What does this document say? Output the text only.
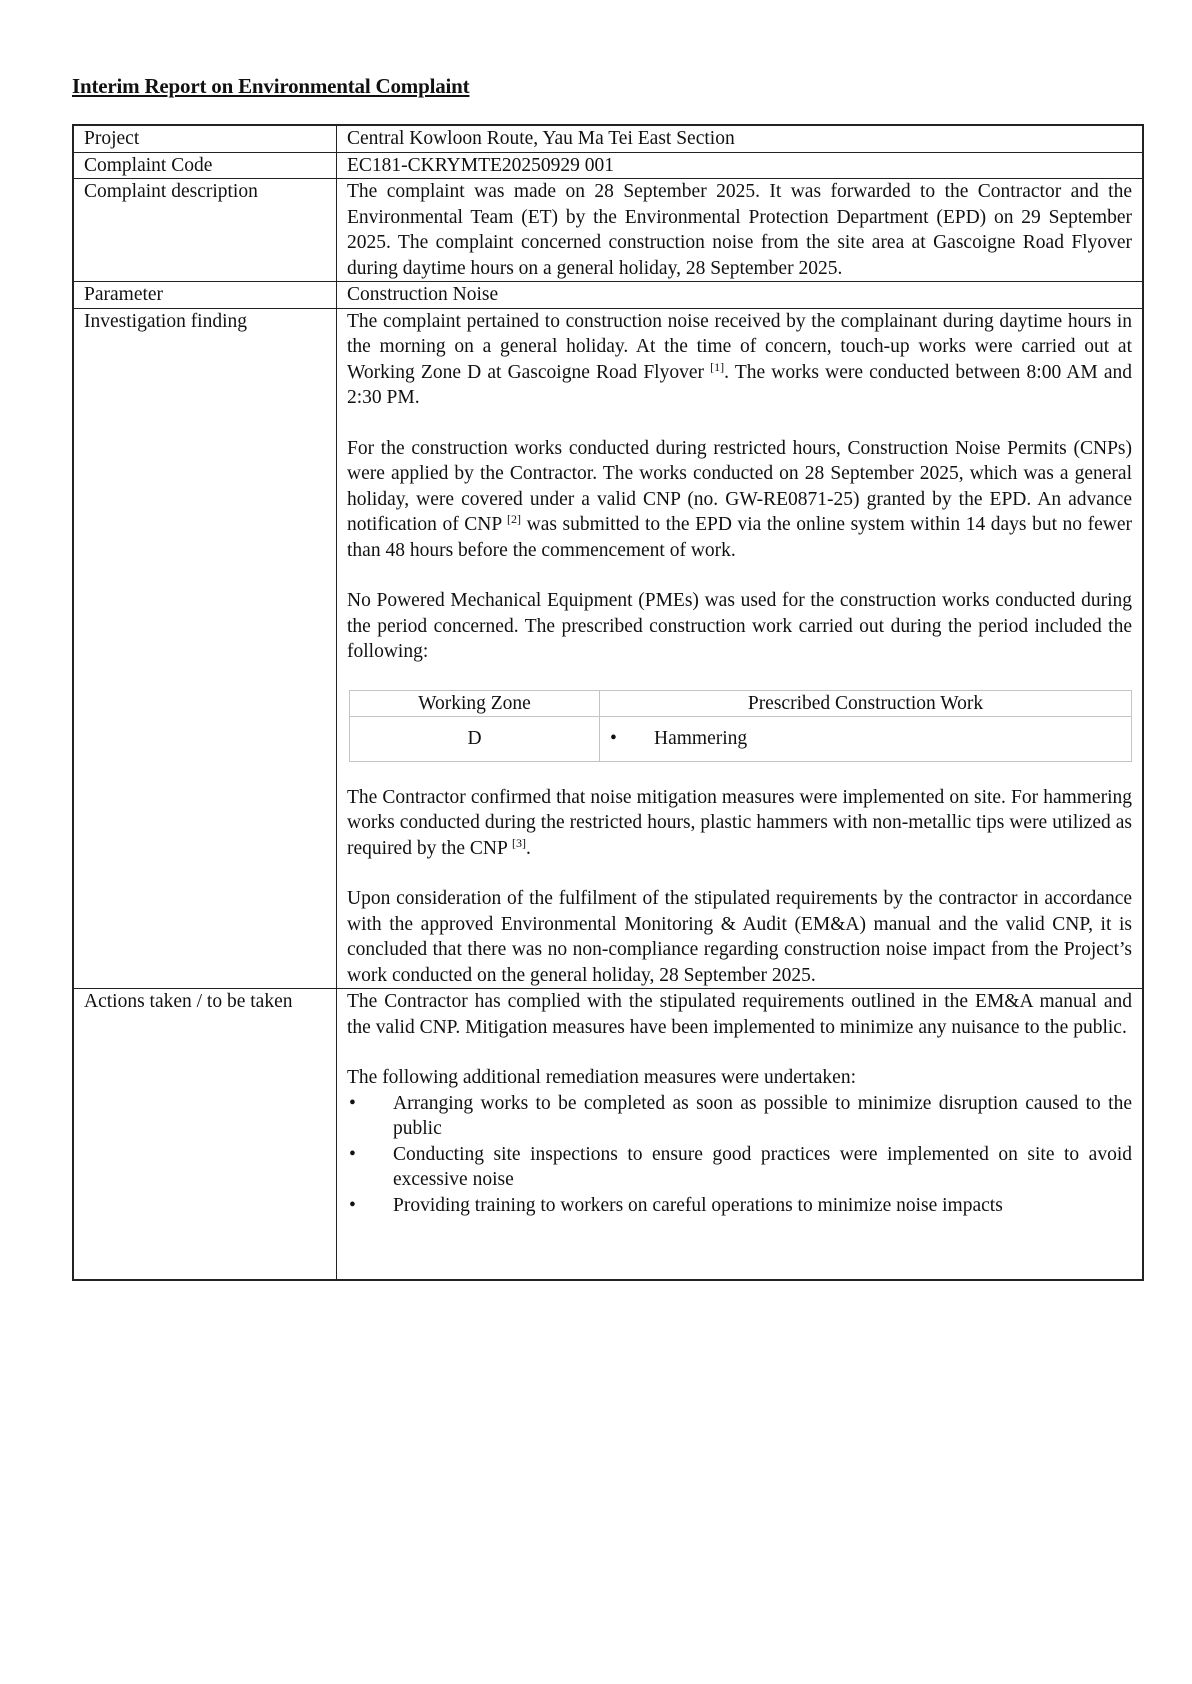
Interim Report on Environmental Complaint
Project	Central Kowloon Route, Yau Ma Tei East Section
Complaint Code	EC181-CKRYMTE20250929 001
Complaint description	The complaint was made on 28 September 2025. It was forwarded to the Contractor and the Environmental Team (ET) by the Environmental Protection Department (EPD) on 29 September 2025. The complaint concerned construction noise from the site area at Gascoigne Road Flyover during daytime hours on a general holiday, 28 September 2025.
Parameter	Construction Noise
Investigation finding	The complaint pertained to construction noise received by the complainant during daytime hours in the morning on a general holiday. At the time of concern, touch-up works were carried out at Working Zone D at Gascoigne Road Flyover [1]. The works were conducted between 8:00 AM and 2:30 PM.

For the construction works conducted during restricted hours, Construction Noise Permits (CNPs) were applied by the Contractor. The works conducted on 28 September 2025, which was a general holiday, were covered under a valid CNP (no. GW-RE0871-25) granted by the EPD. An advance notification of CNP [2] was submitted to the EPD via the online system within 14 days but no fewer than 48 hours before the commencement of work.

No Powered Mechanical Equipment (PMEs) was used for the construction works conducted during the period concerned. The prescribed construction work carried out during the period included the following:

Working Zone	Prescribed Construction Work
D	• Hammering

The Contractor confirmed that noise mitigation measures were implemented on site. For hammering works conducted during the restricted hours, plastic hammers with non-metallic tips were utilized as required by the CNP [3].

Upon consideration of the fulfilment of the stipulated requirements by the contractor in accordance with the approved Environmental Monitoring & Audit (EM&A) manual and the valid CNP, it is concluded that there was no non-compliance regarding construction noise impact from the Project’s work conducted on the general holiday, 28 September 2025.

Actions taken / to be taken	The Contractor has complied with the stipulated requirements outlined in the EM&A manual and the valid CNP. Mitigation measures have been implemented to minimize any nuisance to the public.

The following additional remediation measures were undertaken:

• Arranging works to be completed as soon as possible to minimize disruption caused to the public
• Conducting site inspections to ensure good practices were implemented on site to avoid excessive noise
• Providing training to workers on careful operations to minimize noise impacts
